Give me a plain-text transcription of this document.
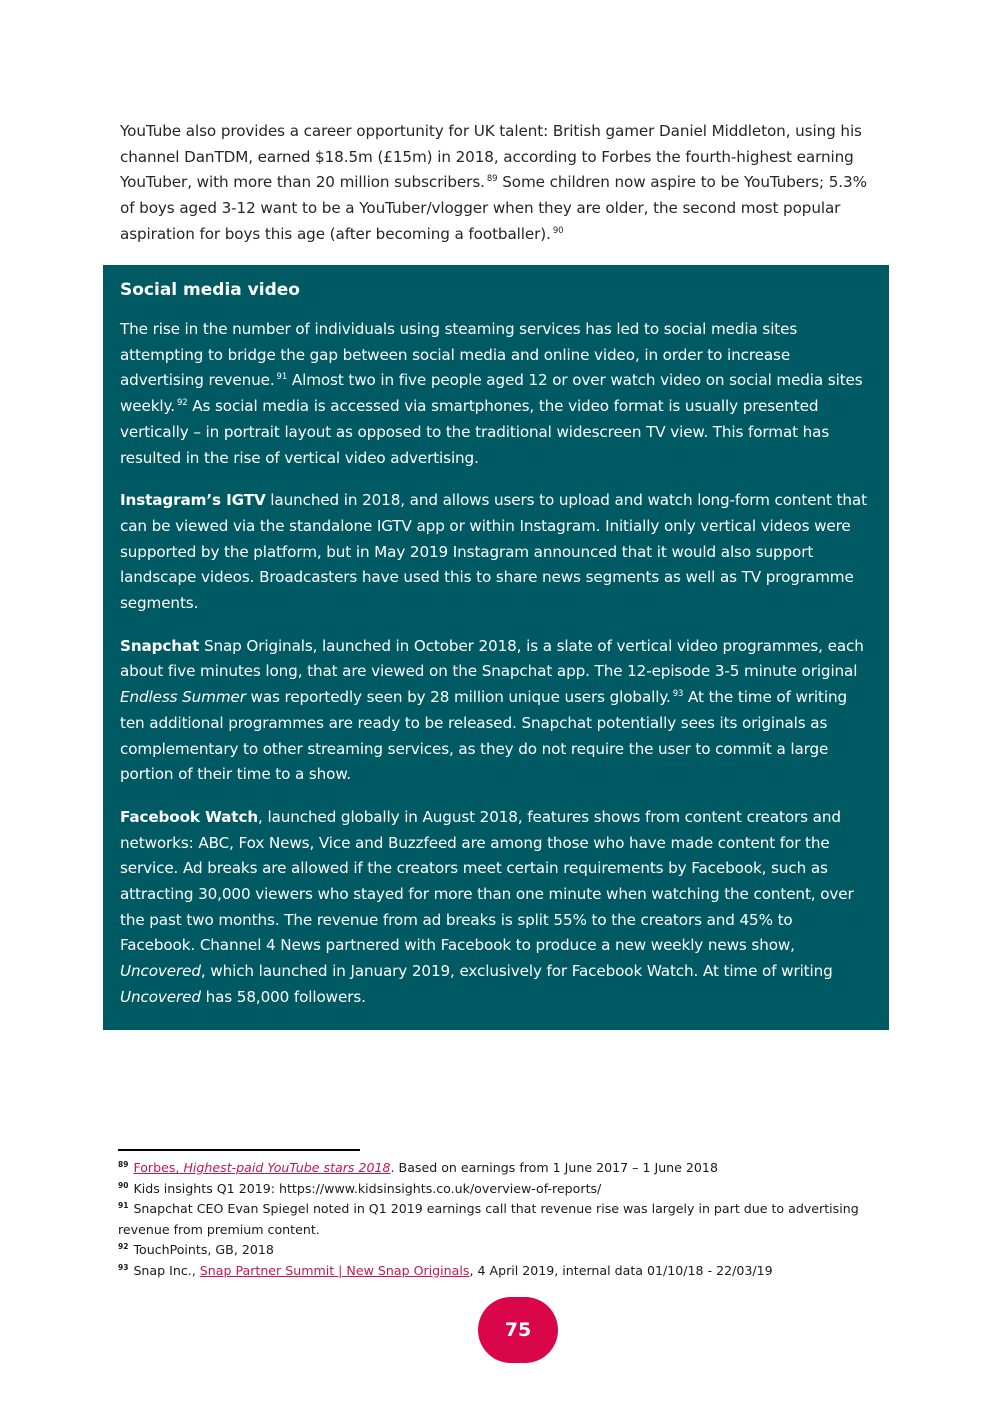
YouTube also provides a career opportunity for UK talent: British gamer Daniel Middleton, using his channel DanTDM, earned $18.5m (£15m) in 2018, according to Forbes the fourth-highest earning YouTuber, with more than 20 million subscribers. $^{89}$ Some children now aspire to be YouTubers; 5.3% of boys aged 3-12 want to be a YouTuber/vlogger when they are older, the second most popular aspiration for boys this age (after becoming a footballer). $^{90}$

Social media video

The rise in the number of individuals using steaming services has led to social media sites attempting to bridge the gap between social media and online video, in order to increase advertising revenue. $^{91}$ Almost two in five people aged 12 or over watch video on social media sites weekly. $^{92}$ As social media is accessed via smartphones, the video format is usually presented vertically – in portrait layout as opposed to the traditional widescreen TV view. This format has resulted in the rise of vertical video advertising.

Instagram’s IGTV launched in 2018, and allows users to upload and watch long-form content that can be viewed via the standalone IGTV app or within Instagram. Initially only vertical videos were supported by the platform, but in May 2019 Instagram announced that it would also support landscape videos. Broadcasters have used this to share news segments as well as TV programme segments.

Snapchat Snap Originals, launched in October 2018, is a slate of vertical video programmes, each about five minutes long, that are viewed on the Snapchat app. The 12-episode 3-5 minute original Endless Summer was reportedly seen by 28 million unique users globally. $^{93}$ At the time of writing ten additional programmes are ready to be released. Snapchat potentially sees its originals as complementary to other streaming services, as they do not require the user to commit a large portion of their time to a show.

Facebook Watch, launched globally in August 2018, features shows from content creators and networks: ABC, Fox News, Vice and Buzzfeed are among those who have made content for the service. Ad breaks are allowed if the creators meet certain requirements by Facebook, such as attracting 30,000 viewers who stayed for more than one minute when watching the content, over the past two months. The revenue from ad breaks is split 55% to the creators and 45% to Facebook. Channel 4 News partnered with Facebook to produce a new weekly news show, Uncovered, which launched in January 2019, exclusively for Facebook Watch. At time of writing Uncovered has 58,000 followers.

$^{89}$ Forbes, Highest-paid YouTube stars 2018. Based on earnings from 1 June 2017 – 1 June 2018

$^{90}$ Kids insights Q1 2019: https://www.kidsinsights.co.uk/overview-of-reports/

$^{91}$ Snapchat CEO Evan Spiegel noted in Q1 2019 earnings call that revenue rise was largely in part due to advertising revenue from premium content.

$^{92}$ TouchPoints, GB, 2018

$^{93}$ Snap Inc., Snap Partner Summit | New Snap Originals, 4 April 2019, internal data 01/10/18 - 22/03/19

75
